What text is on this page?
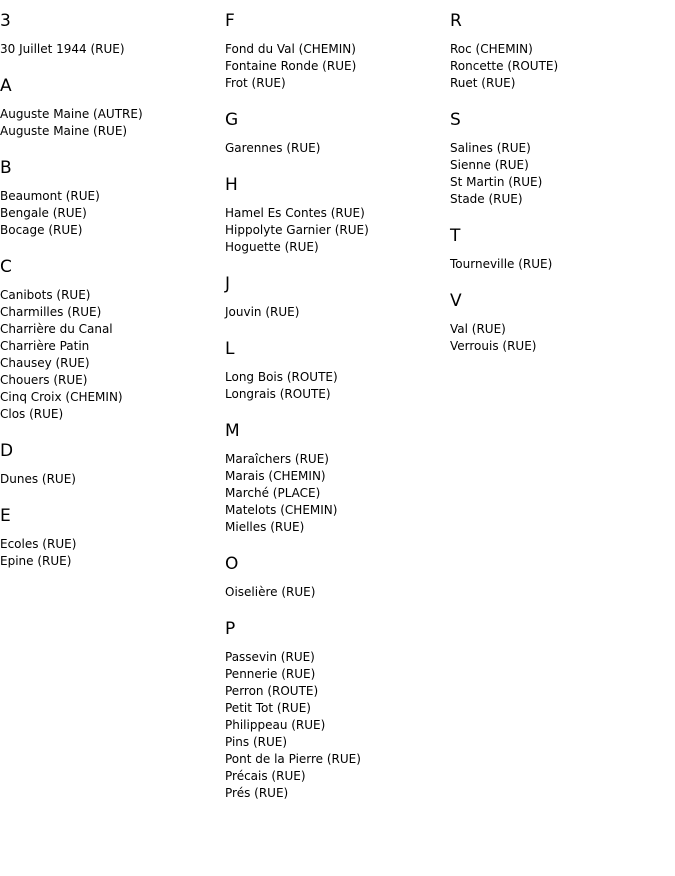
3
30 Juillet 1944 (RUE)
A
Auguste Maine (AUTRE)
Auguste Maine (RUE)
B
Beaumont (RUE)
Bengale (RUE)
Bocage (RUE)
C
Canibots (RUE)
Charmilles (RUE)
Charrière du Canal
Charrière Patin
Chausey (RUE)
Chouers (RUE)
Cinq Croix (CHEMIN)
Clos (RUE)
D
Dunes (RUE)
E
Ecoles (RUE)
Epine (RUE)
F
Fond du Val (CHEMIN)
Fontaine Ronde (RUE)
Frot (RUE)
G
Garennes (RUE)
H
Hamel Es Contes (RUE)
Hippolyte Garnier (RUE)
Hoguette (RUE)
J
Jouvin (RUE)
L
Long Bois (ROUTE)
Longrais (ROUTE)
M
Maraîchers (RUE)
Marais (CHEMIN)
Marché (PLACE)
Matelots (CHEMIN)
Mielles (RUE)
O
Oiselière (RUE)
P
Passevin (RUE)
Pennerie (RUE)
Perron (ROUTE)
Petit Tot (RUE)
Philippeau (RUE)
Pins (RUE)
Pont de la Pierre (RUE)
Précais (RUE)
Prés (RUE)
R
Roc (CHEMIN)
Roncette (ROUTE)
Ruet (RUE)
S
Salines (RUE)
Sienne (RUE)
St Martin (RUE)
Stade (RUE)
T
Tourneville (RUE)
V
Val (RUE)
Verrouis (RUE)
